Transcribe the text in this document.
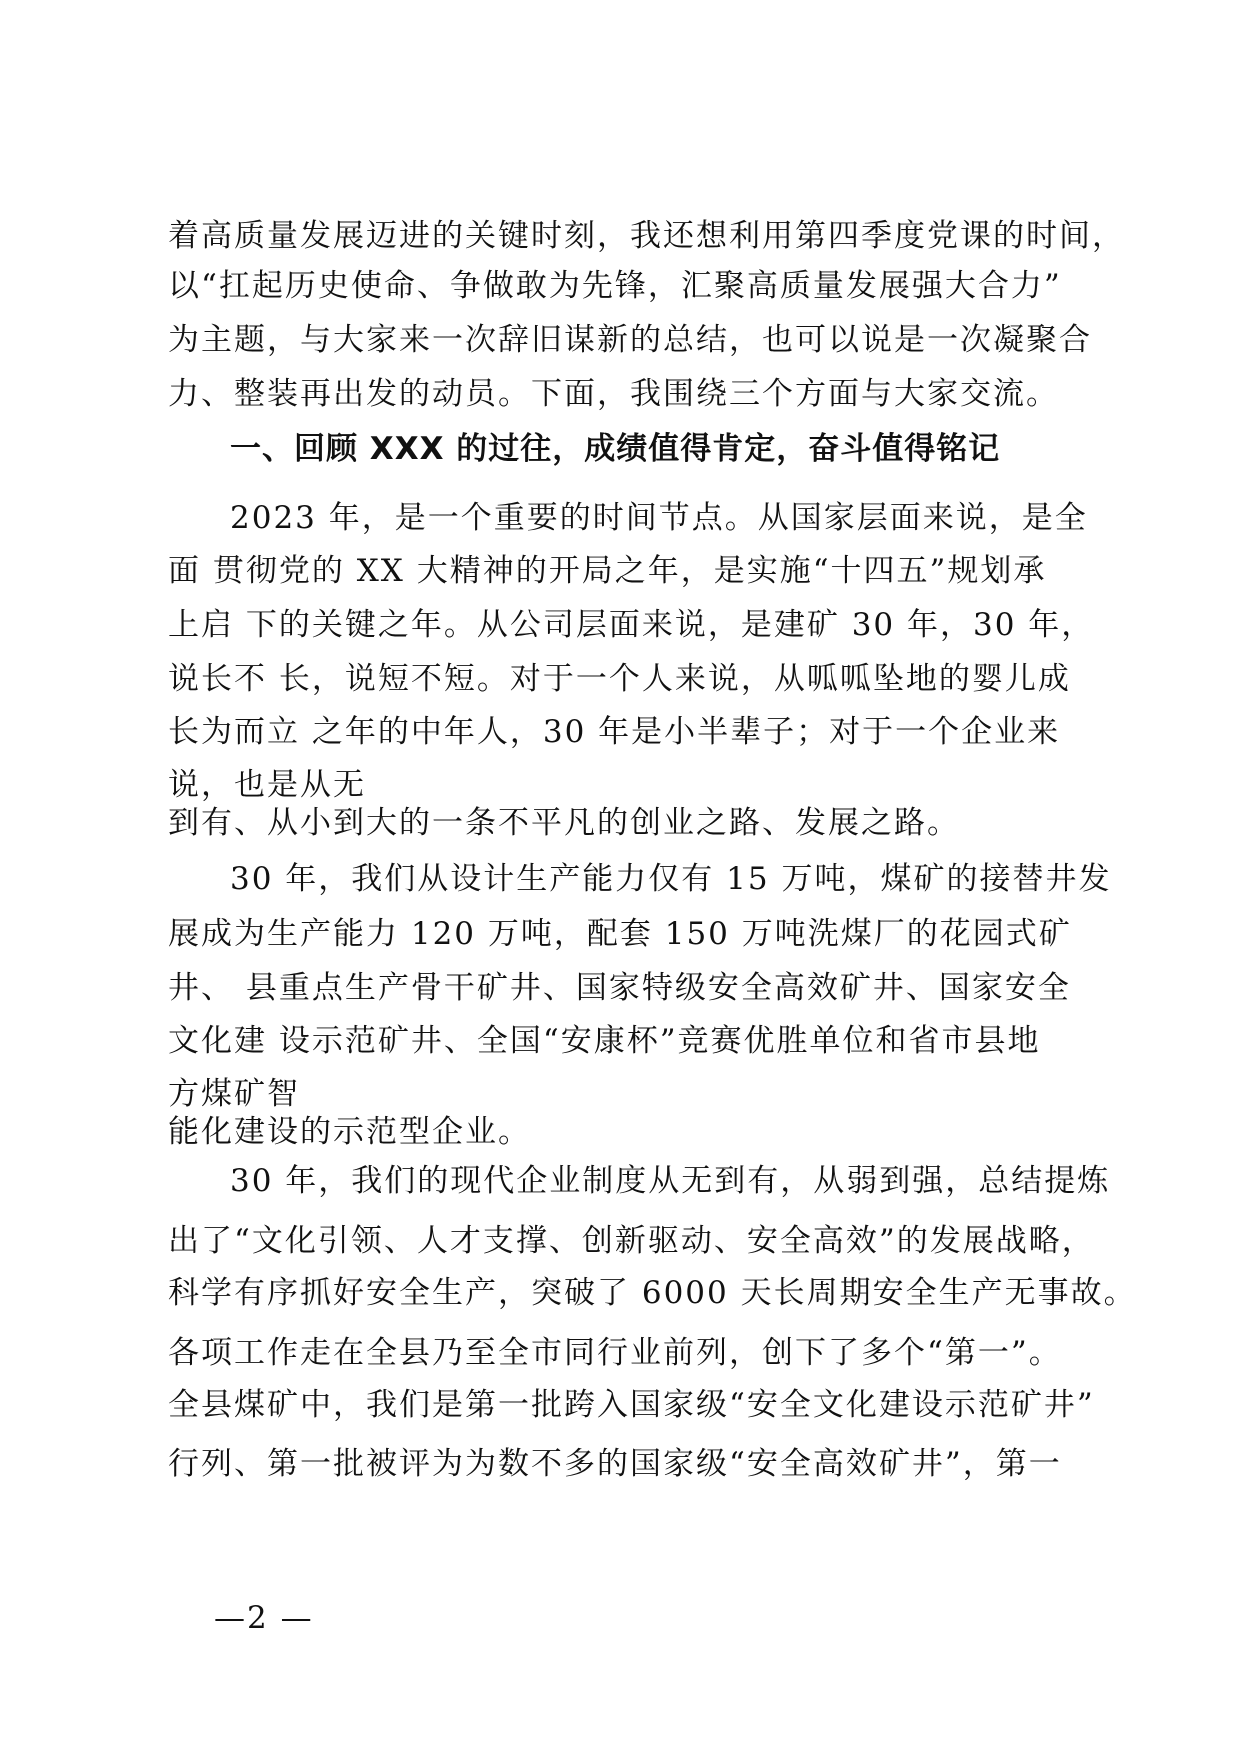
着高质量发展迈进的关键时刻，我还想利用第四季度党课的时间，
以“扛起历史使命、争做敢为先锋，汇聚高质量发展强大合力”
为主题，与大家来一次辞旧谋新的总结，也可以说是一次凝聚合
力、整装再出发的动员。下面，我围绕三个方面与大家交流。
一、回顾 XXX 的过往，成绩值得肯定，奋斗值得铭记
2023 年，是一个重要的时间节点。从国家层面来说，是全
面 贯彻党的 XX 大精神的开局之年，是实施“十四五”规划承
上启 下的关键之年。从公司层面来说，是建矿 30 年，30 年，
说长不 长，说短不短。对于一个人来说，从呱呱坠地的婴儿成
长为而立 之年的中年人，30 年是小半辈子；对于一个企业来
说，也是从无
到有、从小到大的一条不平凡的创业之路、发展之路。
30 年，我们从设计生产能力仅有 15 万吨，煤矿的接替井发
展成为生产能力 120 万吨，配套 150 万吨洗煤厂的花园式矿
井、 县重点生产骨干矿井、国家特级安全高效矿井、国家安全
文化建 设示范矿井、全国“安康杯”竞赛优胜单位和省市县地
方煤矿智
能化建设的示范型企业。
30 年，我们的现代企业制度从无到有，从弱到强，总结提炼
出了“文化引领、人才支撑、创新驱动、安全高效”的发展战略，
科学有序抓好安全生产，突破了 6000 天长周期安全生产无事故。
各项工作走在全县乃至全市同行业前列，创下了多个“第一”。
全县煤矿中，我们是第一批跨入国家级“安全文化建设示范矿井”
行列、第一批被评为为数不多的国家级“安全高效矿井”，第一
—2 —
